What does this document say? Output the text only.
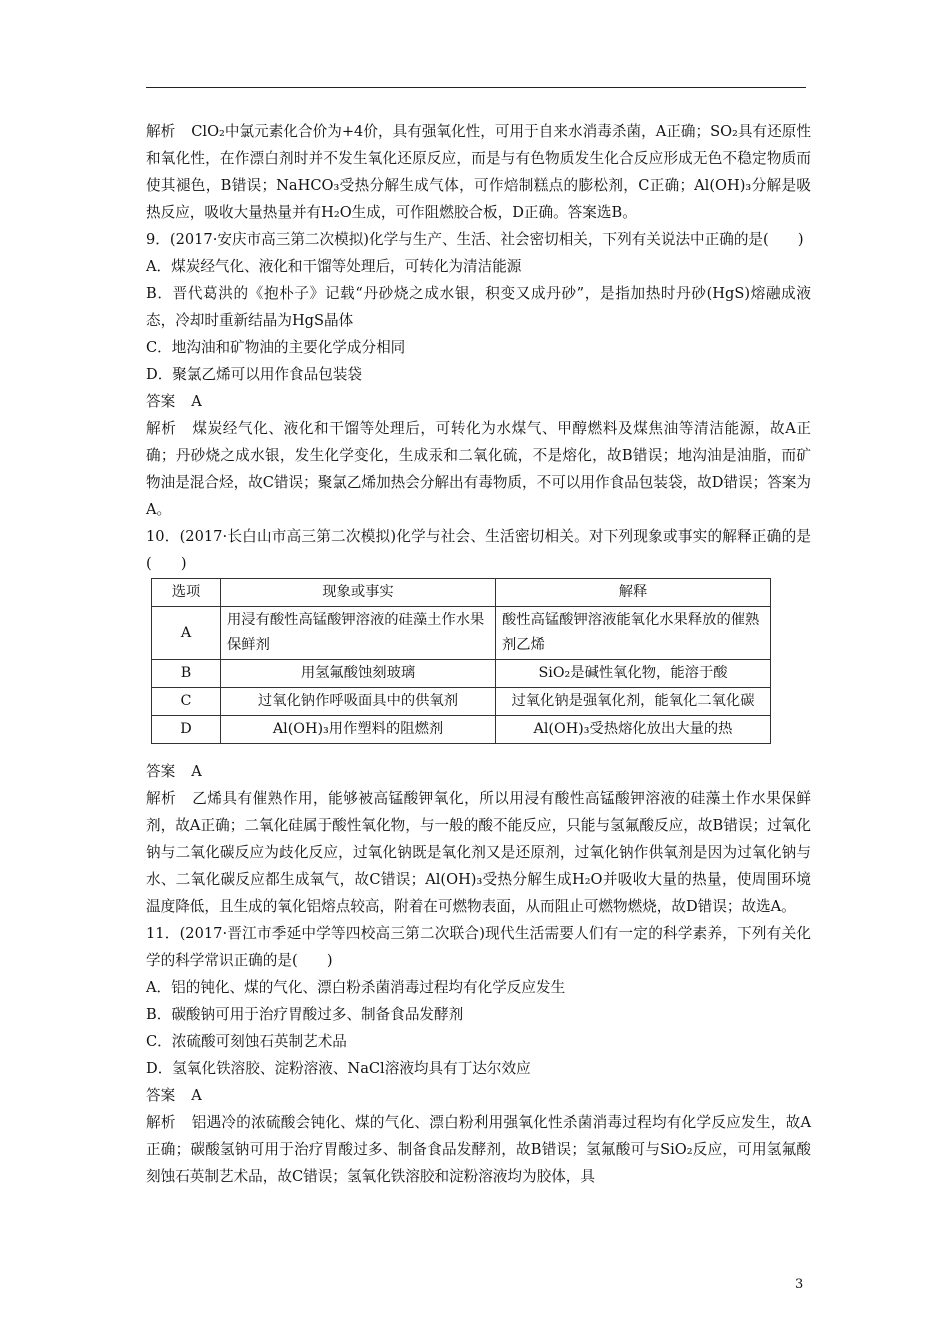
解析 ClO₂中氯元素化合价为+4价，具有强氧化性，可用于自来水消毒杀菌，A正确；SO₂具有还原性和氧化性，在作漂白剂时并不发生氧化还原反应，而是与有色物质发生化合反应形成无色不稳定物质而使其褪色，B错误；NaHCO₃受热分解生成气体，可作焙制糕点的膨松剂，C正确；Al(OH)₃分解是吸热反应，吸收大量热量并有H₂O生成，可作阻燃胶合板，D正确。答案选B。

9．(2017·安庆市高三第二次模拟)化学与生产、生活、社会密切相关，下列有关说法中正确的是(　　)

A．煤炭经气化、液化和干馏等处理后，可转化为清洁能源

B．晋代葛洪的《抱朴子》记载“丹砂烧之成水银，积变又成丹砂”，是指加热时丹砂(HgS)熔融成液态，冷却时重新结晶为HgS晶体

C．地沟油和矿物油的主要化学成分相同

D．聚氯乙烯可以用作食品包装袋

答案 A

解析 煤炭经气化、液化和干馏等处理后，可转化为水煤气、甲醇燃料及煤焦油等清洁能源，故A正确；丹砂烧之成水银，发生化学变化，生成汞和二氧化硫，不是熔化，故B错误；地沟油是油脂，而矿物油是混合烃，故C错误；聚氯乙烯加热会分解出有毒物质，不可以用作食品包装袋，故D错误；答案为A。

10．(2017·长白山市高三第二次模拟)化学与社会、生活密切相关。对下列现象或事实的解释正确的是(　　)

选项	现象或事实	解释
A	用浸有酸性高锰酸钾溶液的硅藻土作水果保鲜剂	酸性高锰酸钾溶液能氧化水果释放的催熟剂乙烯
B	用氢氟酸蚀刻玻璃	SiO₂是碱性氧化物，能溶于酸
C	过氧化钠作呼吸面具中的供氧剂	过氧化钠是强氧化剂，能氧化二氧化碳
D	Al(OH)₃用作塑料的阻燃剂	Al(OH)₃受热熔化放出大量的热

答案 A

解析 乙烯具有催熟作用，能够被高锰酸钾氧化，所以用浸有酸性高锰酸钾溶液的硅藻土作水果保鲜剂，故A正确；二氧化硅属于酸性氧化物，与一般的酸不能反应，只能与氢氟酸反应，故B错误；过氧化钠与二氧化碳反应为歧化反应，过氧化钠既是氧化剂又是还原剂，过氧化钠作供氧剂是因为过氧化钠与水、二氧化碳反应都生成氧气，故C错误；Al(OH)₃受热分解生成H₂O并吸收大量的热量，使周围环境温度降低，且生成的氧化铝熔点较高，附着在可燃物表面，从而阻止可燃物燃烧，故D错误；故选A。

11．(2017·晋江市季延中学等四校高三第二次联合)现代生活需要人们有一定的科学素养，下列有关化学的科学常识正确的是(　　)

A．铝的钝化、煤的气化、漂白粉杀菌消毒过程均有化学反应发生

B．碳酸钠可用于治疗胃酸过多、制备食品发酵剂

C．浓硫酸可刻蚀石英制艺术品

D．氢氧化铁溶胶、淀粉溶液、NaCl溶液均具有丁达尔效应

答案 A

解析 铝遇冷的浓硫酸会钝化、煤的气化、漂白粉利用强氧化性杀菌消毒过程均有化学反应发生，故A正确；碳酸氢钠可用于治疗胃酸过多、制备食品发酵剂，故B错误；氢氟酸可与SiO₂反应，可用氢氟酸刻蚀石英制艺术品，故C错误；氢氧化铁溶胶和淀粉溶液均为胶体，具

3
